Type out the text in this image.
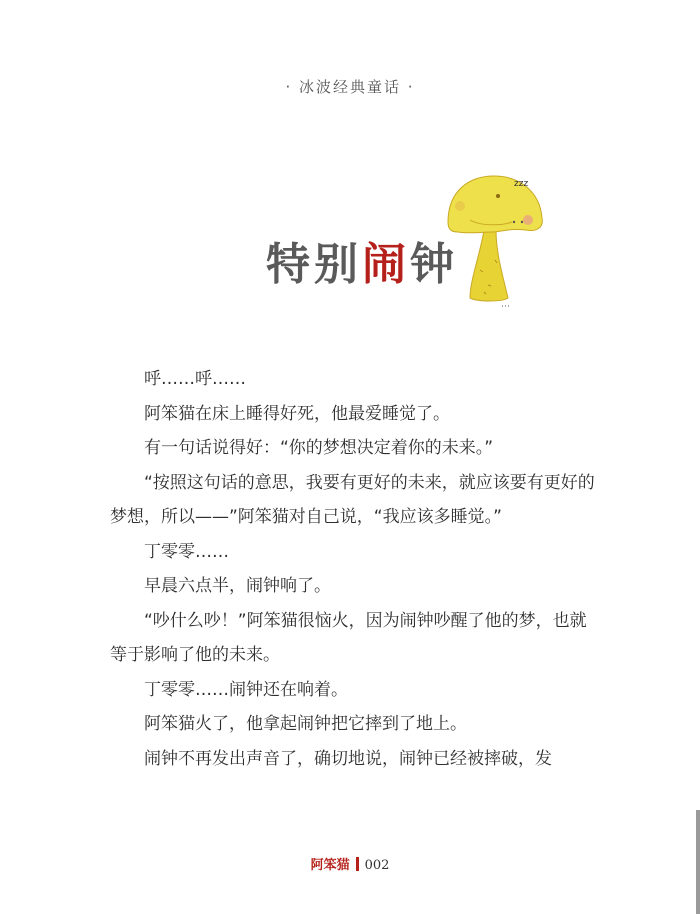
· 冰波经典童话 ·
zzz
特别闹钟

呼……呼……

阿笨猫在床上睡得好死，他最爱睡觉了。

有一句话说得好：“你的梦想决定着你的未来。”

“按照这句话的意思，我要有更好的未来，就应该要有更好的梦想，所以——”阿笨猫对自己说，“我应该多睡觉。”

丁零零……

早晨六点半，闹钟响了。

“吵什么吵！”阿笨猫很恼火，因为闹钟吵醒了他的梦，也就等于影响了他的未来。

丁零零……闹钟还在响着。

阿笨猫火了，他拿起闹钟把它摔到了地上。

闹钟不再发出声音了，确切地说，闹钟已经被摔破，发

阿笨猫 002
